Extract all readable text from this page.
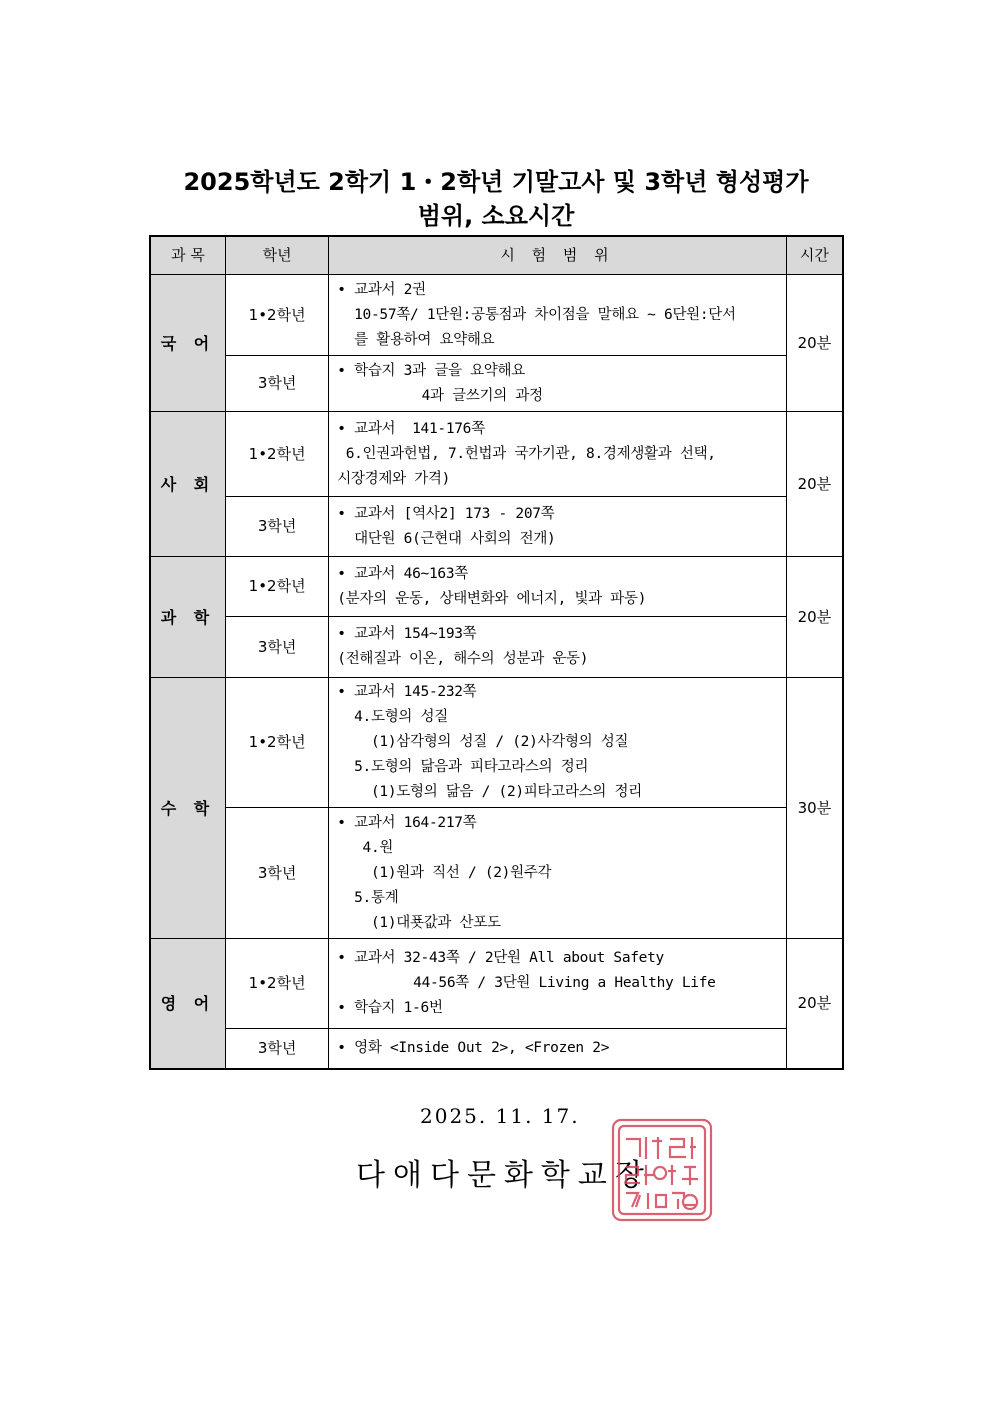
2025학년도 2학기 1・2학년 기말고사 및 3학년 형성평가
범위, 소요시간
과 목	학년	시 험 범 위	시간
국 어	1•2학년	• 교과서 2권
10-57쪽/ 1단원:공통점과 차이점을 말해요 ~ 6단원:단서
를 활용하여 요약해요	20분
	3학년	• 학습지 3과 글을 요약해요
4과 글쓰기의 과정	
사 회	1•2학년	• 교과서  141-176쪽
6.인권과헌법, 7.헌법과 국가기관, 8.경제생활과 선택,
시장경제와 가격)	20분
	3학년	• 교과서 [역사2] 173 - 207쪽
대단원 6(근현대 사회의 전개)	
과 학	1•2학년	• 교과서 46~163쪽
(분자의 운동, 상태변화와 에너지, 빛과 파동)	20분
	3학년	• 교과서 154~193쪽
(전해질과 이온, 해수의 성분과 운동)	
수 학	1•2학년	• 교과서 145-232쪽
4.도형의 성질
(1)삼각형의 성질 / (2)사각형의 성질
5.도형의 닮음과 피타고라스의 정리
(1)도형의 닮음 / (2)피타고라스의 정리	30분
	3학년	• 교과서 164-217쪽
4.원
(1)원과 직선 / (2)원주각
5.통계
(1)대푯값과 산포도	
영 어	1•2학년	• 교과서 32-43쪽 / 2단원 All about Safety
44-56쪽 / 3단원 Living a Healthy Life
• 학습지 1-6번	20분
	3학년	• 영화 <Inside Out 2>, <Frozen 2>	
2025. 11. 17.
다애다문화학교장
